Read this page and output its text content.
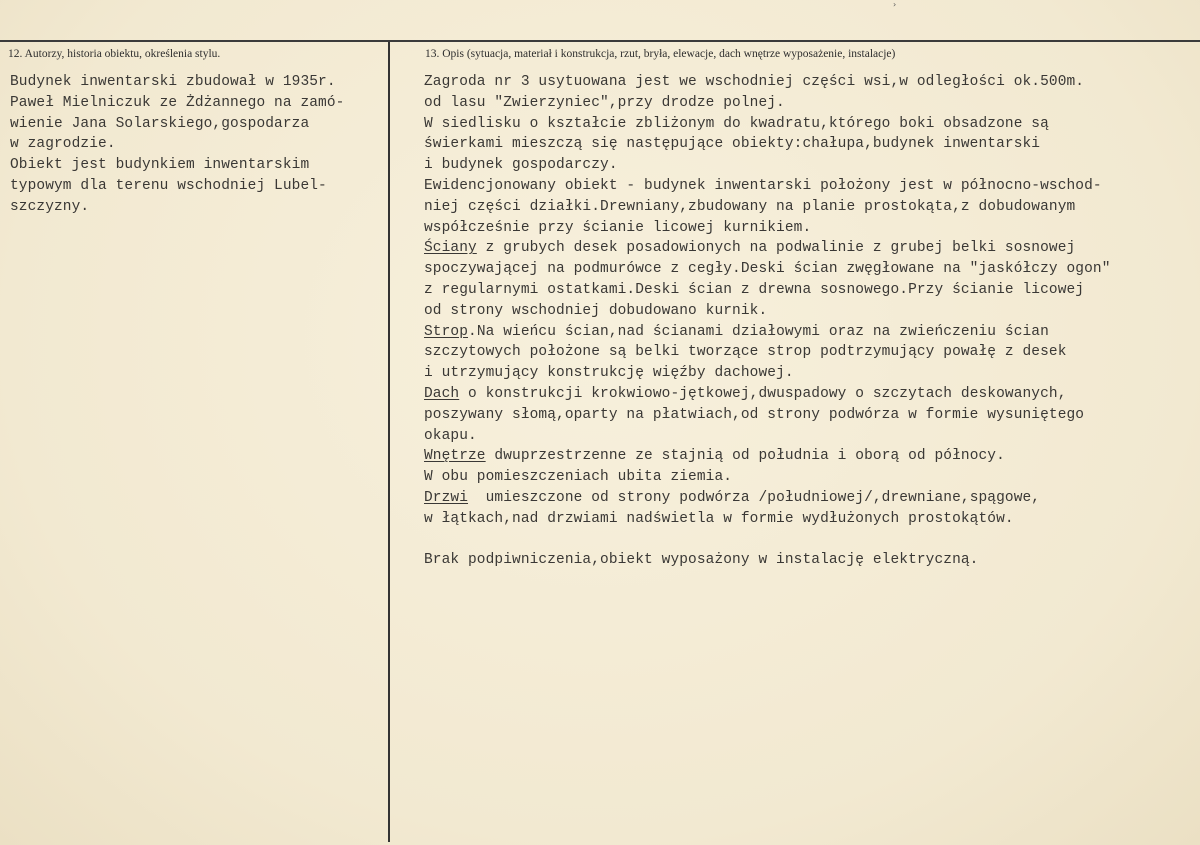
›
12. Autorzy, historia obiektu, określenia stylu.	13. Opis (sytuacja, materiał i konstrukcja, rzut, bryła, elewacje, dach wnętrze wyposażenie, instalacje)
Budynek inwentarski zbudował w 1935r.
Paweł Mielniczuk ze Żdżannego na zamó-
wienie Jana Solarskiego,gospodarza
w zagrodzie.
Obiekt jest budynkiem inwentarskim
typowym dla terenu wschodniej Lubel-
szczyzny.
Zagroda nr 3 usytuowana jest we wschodniej części wsi,w odległości ok.500m.
od lasu "Zwierzyniec",przy drodze polnej.
W siedlisku o kształcie zbliżonym do kwadratu,którego boki obsadzone są
świerkami mieszczą się następujące obiekty:chałupa,budynek inwentarski
i budynek gospodarczy.
Ewidencjonowany obiekt - budynek inwentarski położony jest w północno-wschod-
niej części działki.Drewniany,zbudowany na planie prostokąta,z dobudowanym
współcześnie przy ścianie licowej kurnikiem.
Ściany z grubych desek posadowionych na podwalinie z grubej belki sosnowej
spoczywającej na podmurówce z cegły.Deski ścian zwęgłowane na "jaskółczy ogon"
z regularnymi ostatkami.Deski ścian z drewna sosnowego.Przy ścianie licowej
od strony wschodniej dobudowano kurnik.
Strop.Na wieńcu ścian,nad ścianami działowymi oraz na zwieńczeniu ścian
szczytowych położone są belki tworzące strop podtrzymujący powałę z desek
i utrzymujący konstrukcję więźby dachowej.
Dach o konstrukcji krokwiowo-jętkowej,dwuspadowy o szczytach deskowanych,
poszywany słomą,oparty na płatwiach,od strony podwórza w formie wysuniętego
okapu.
Wnętrze dwuprzestrzenne ze stajnią od południa i oborą od północy.
W obu pomieszczeniach ubita ziemia.
Drzwi  umieszczone od strony podwórza /południowej/,drewniane,spągowe,
w łątkach,nad drzwiami nadświetla w formie wydłużonych prostokątów.
Brak podpiwniczenia,obiekt wyposażony w instalację elektryczną.
